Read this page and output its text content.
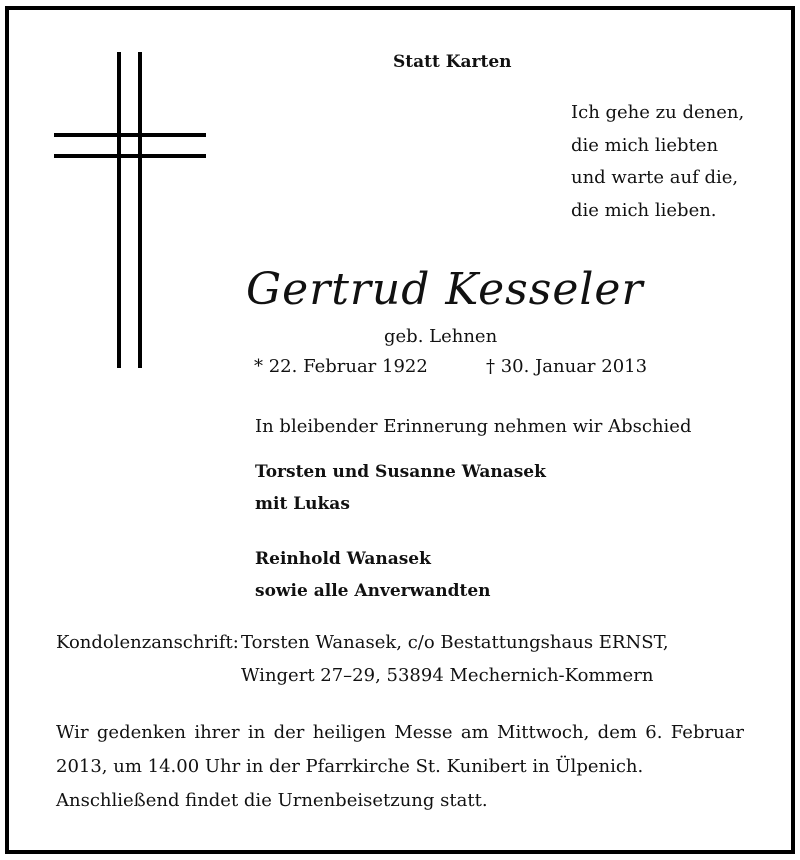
Statt Karten
Ich gehe zu denen,
die mich liebten
und warte auf die,
die mich lieben.
Gertrud Kesseler
geb. Lehnen
* 22. Februar 1922	† 30. Januar 2013
In bleibender Erinnerung nehmen wir Abschied
Torsten und Susanne Wanasek
mit Lukas
Reinhold Wanasek
sowie alle Anverwandten
Kondolenzanschrift: Torsten Wanasek, c/o Bestattungshaus ERNST,
Wingert 27–29, 53894 Mechernich-Kommern
Wir gedenken ihrer in der heiligen Messe am Mittwoch, dem 6. Februar
2013, um 14.00 Uhr in der Pfarrkirche St. Kunibert in Ülpenich.
Anschließend findet die Urnenbeisetzung statt.
